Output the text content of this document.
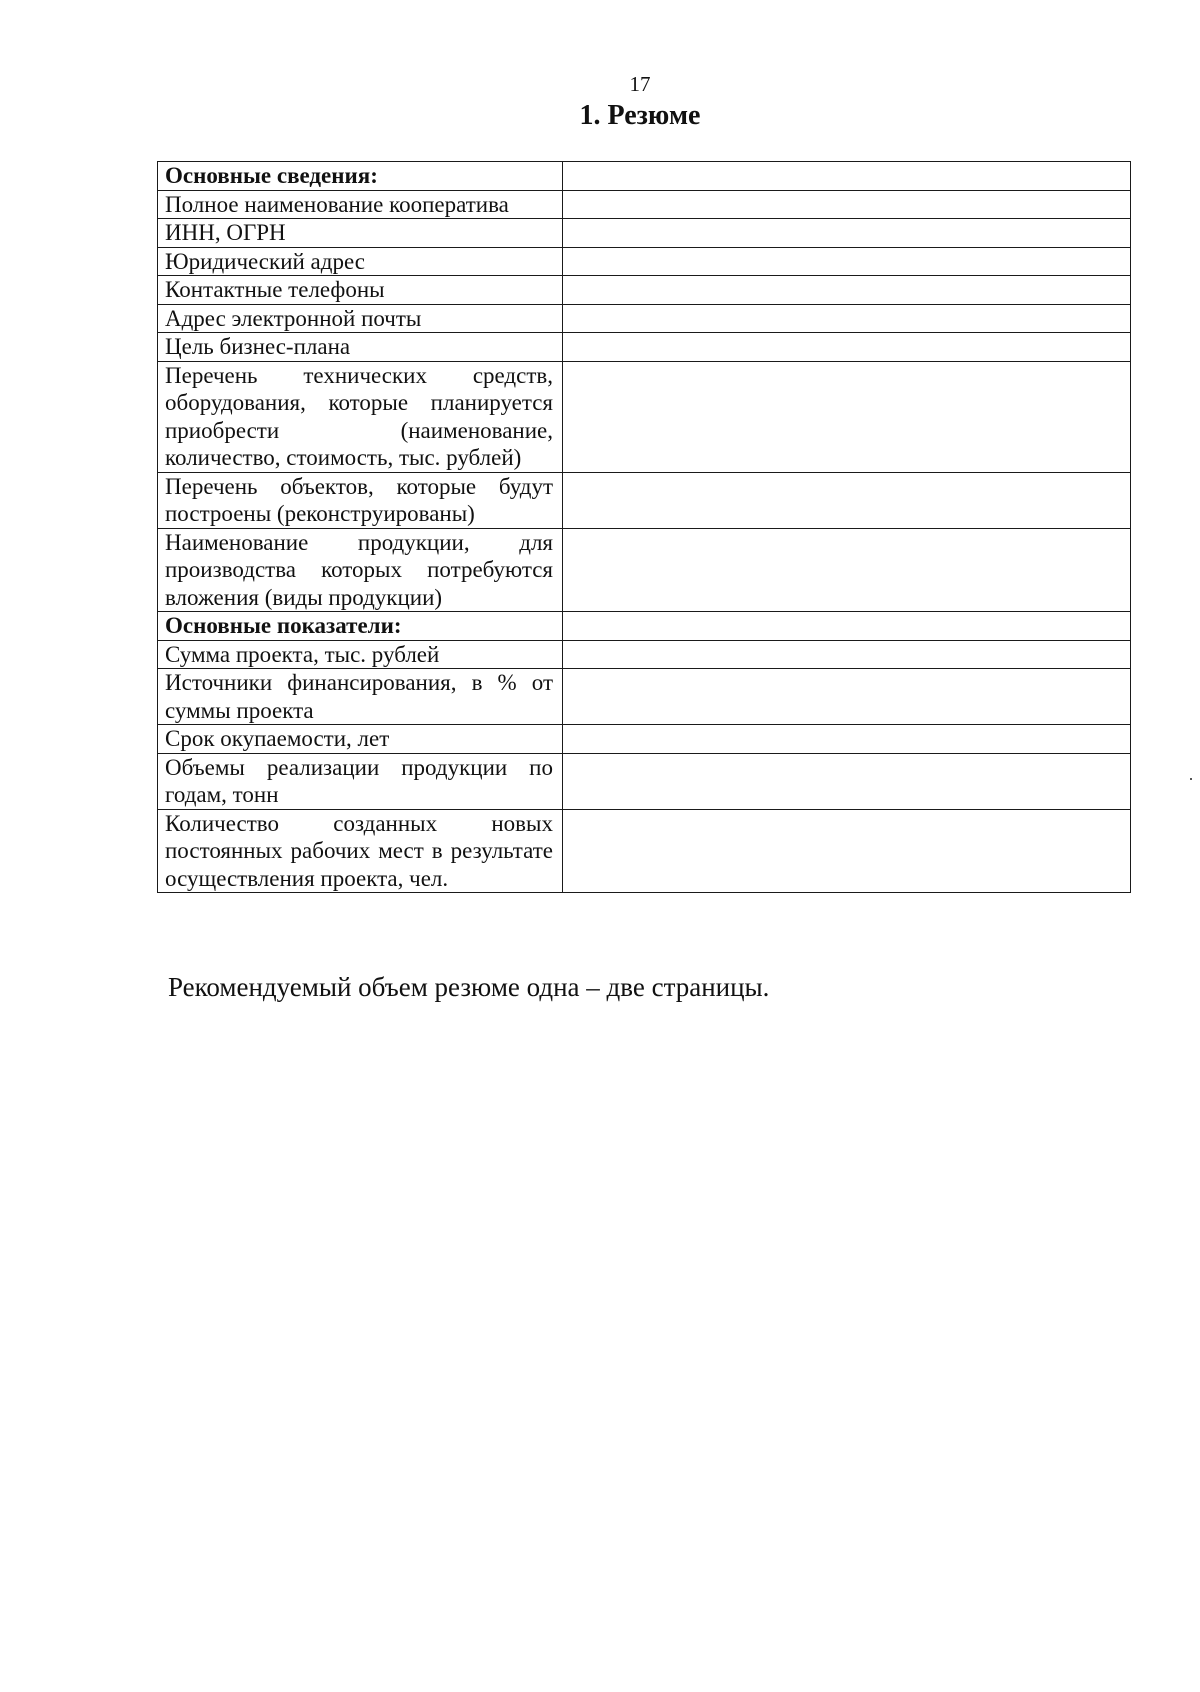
17
1. Резюме
Основные сведения:	
Полное наименование кооператива	
ИНН, ОГРН	
Юридический адрес	
Контактные телефоны	
Адрес электронной почты	
Цель бизнес-плана	
Перечень технических средств, оборудования, которые планируется приобрести (наименование, количество, стоимость, тыс. рублей)	
Перечень объектов, которые будут построены (реконструированы)	
Наименование продукции, для производства которых потребуются вложения (виды продукции)	
Основные показатели:	
Сумма проекта, тыс. рублей	
Источники финансирования, в % от суммы проекта	
Срок окупаемости, лет	
Объемы реализации продукции по годам, тонн	
Количество созданных новых постоянных рабочих мест в результате осуществления проекта, чел.	
Рекомендуемый объем резюме одна – две страницы.
